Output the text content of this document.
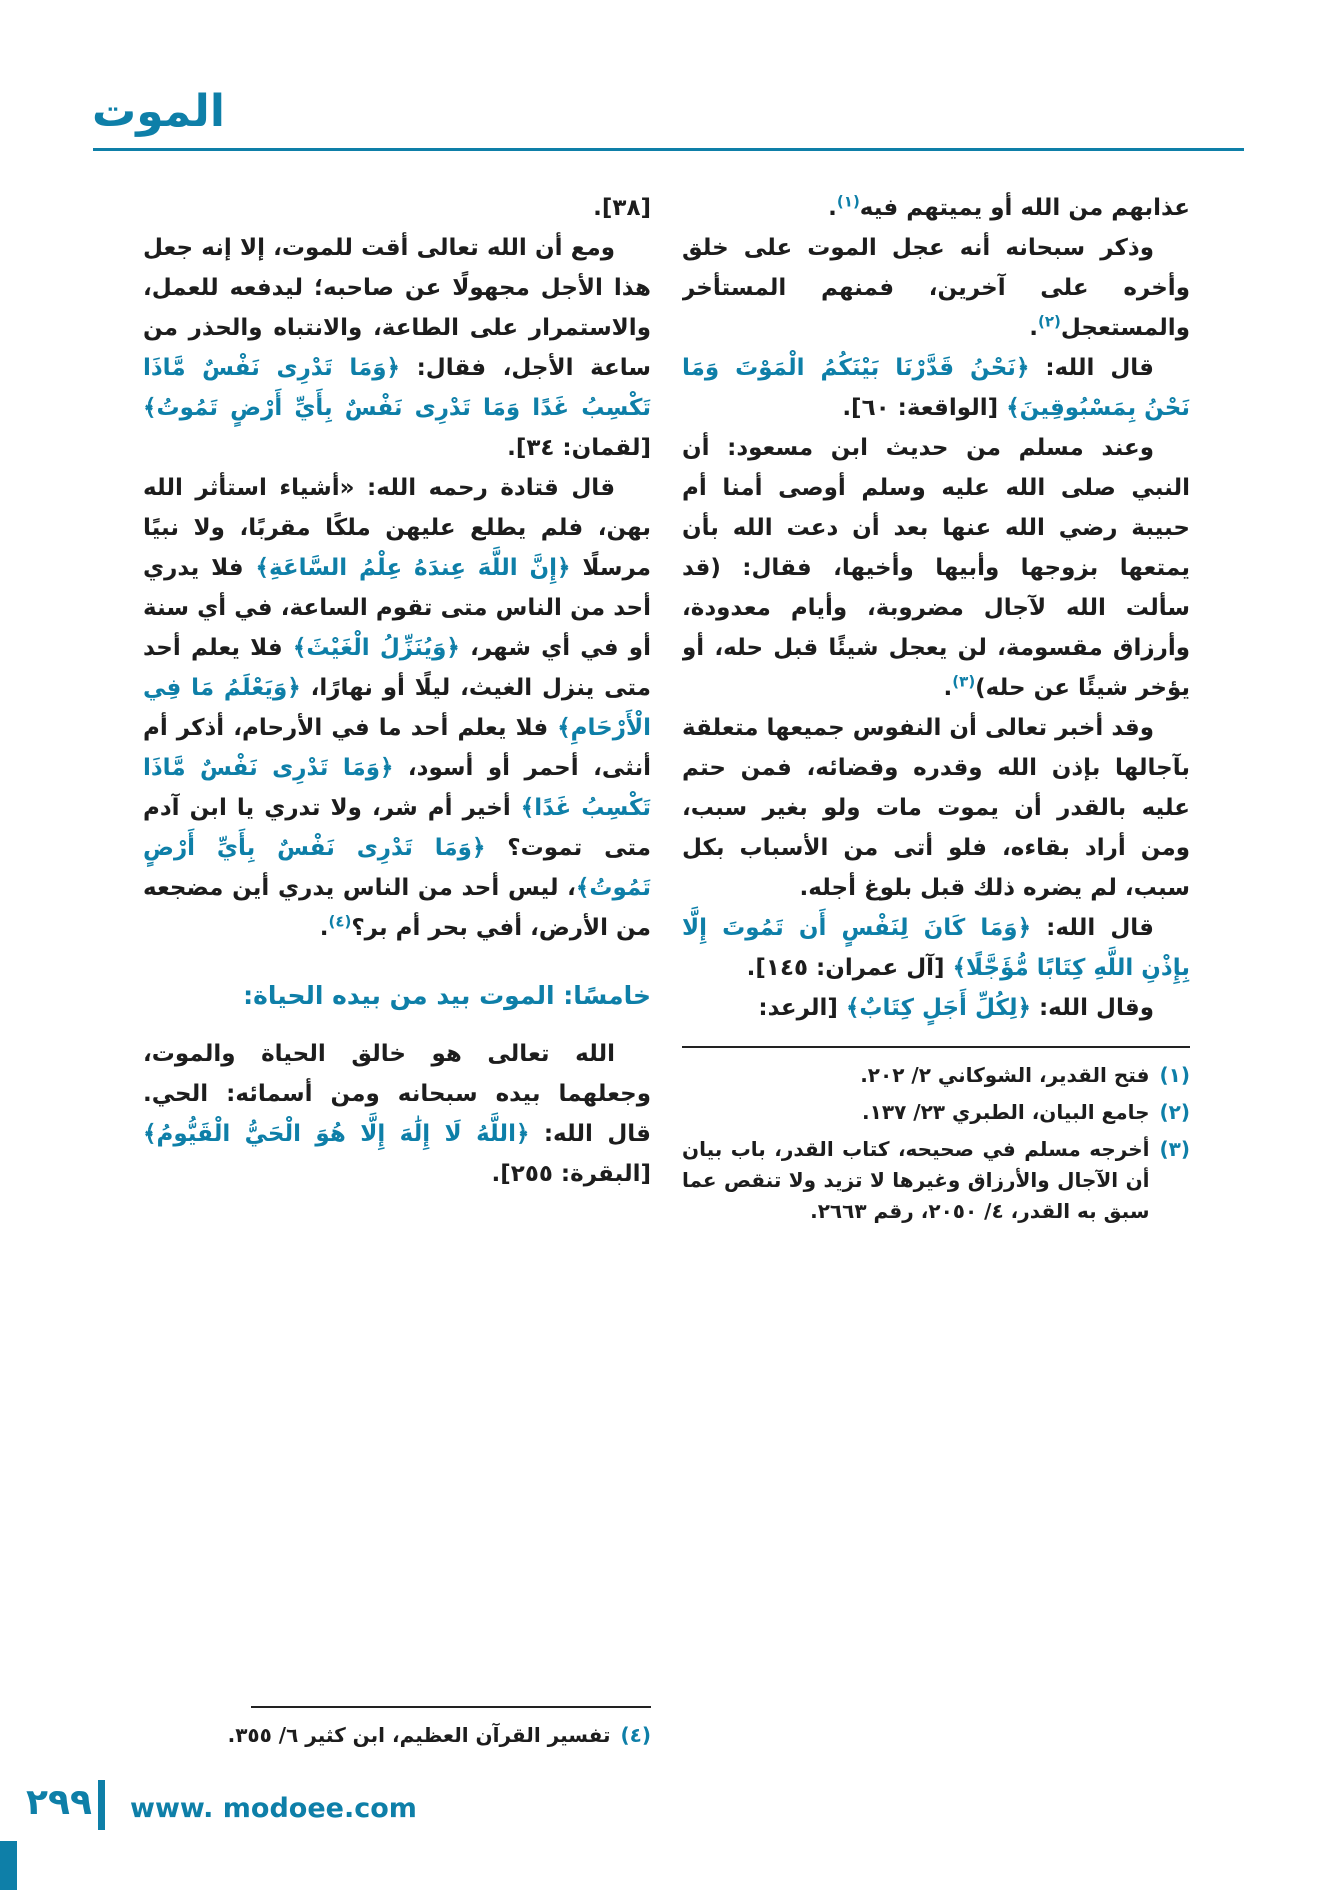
الموت

عذابهم من الله أو يميتهم فيه$^{(١)}$.

وذكر سبحانه أنه عجل الموت على خلق وأخره على آخرين، فمنهم المستأخر والمستعجل$^{(٢)}$.

قال الله: ﴿نَحْنُ قَدَّرْنَا بَيْنَكُمُ الْمَوْتَ وَمَا نَحْنُ بِمَسْبُوقِينَ﴾ [الواقعة: ٦٠].

وعند مسلم من حديث ابن مسعود: أن النبي صلى الله عليه وسلم أوصى أمنا أم حبيبة رضي الله عنها بعد أن دعت الله بأن يمتعها بزوجها وأبيها وأخيها، فقال: (قد سألت الله لآجال مضروبة، وأيام معدودة، وأرزاق مقسومة، لن يعجل شيئًا قبل حله، أو يؤخر شيئًا عن حله)$^{(٣)}$.

وقد أخبر تعالى أن النفوس جميعها متعلقة بآجالها بإذن الله وقدره وقضائه، فمن حتم عليه بالقدر أن يموت مات ولو بغير سبب، ومن أراد بقاءه، فلو أتى من الأسباب بكل سبب، لم يضره ذلك قبل بلوغ أجله.

قال الله: ﴿وَمَا كَانَ لِنَفْسٍ أَن تَمُوتَ إِلَّا بِإِذْنِ اللَّهِ كِتَابًا مُّؤَجَّلًا﴾ [آل عمران: ١٤٥].

وقال الله: ﴿لِكُلِّ أَجَلٍ كِتَابٌ﴾ [الرعد:

(١)
فتح القدير، الشوكاني ٢/ ٢٠٢.
(٢)
جامع البيان، الطبري ٢٣/ ١٣٧.
(٣)
أخرجه مسلم في صحيحه، كتاب القدر، باب بيان أن الآجال والأرزاق وغيرها لا تزيد ولا تنقص عما سبق به القدر، ٤/ ٢٠٥٠، رقم ٢٦٦٣.

[٣٨].

ومع أن الله تعالى أقت للموت، إلا إنه جعل هذا الأجل مجهولًا عن صاحبه؛ ليدفعه للعمل، والاستمرار على الطاعة، والانتباه والحذر من ساعة الأجل، فقال: ﴿وَمَا تَدْرِى نَفْسٌ مَّاذَا تَكْسِبُ غَدًا وَمَا تَدْرِى نَفْسٌ بِأَيِّ أَرْضٍ تَمُوتُ﴾ [لقمان: ٣٤].

قال قتادة رحمه الله: «أشياء استأثر الله بهن، فلم يطلع عليهن ملكًا مقربًا، ولا نبيًا مرسلًا ﴿إِنَّ اللَّهَ عِندَهُ عِلْمُ السَّاعَةِ﴾ فلا يدري أحد من الناس متى تقوم الساعة، في أي سنة أو في أي شهر، ﴿وَيُنَزِّلُ الْغَيْثَ﴾ فلا يعلم أحد متى ينزل الغيث، ليلًا أو نهارًا، ﴿وَيَعْلَمُ مَا فِي الْأَرْحَامِ﴾ فلا يعلم أحد ما في الأرحام، أذكر أم أنثى، أحمر أو أسود، ﴿وَمَا تَدْرِى نَفْسٌ مَّاذَا تَكْسِبُ غَدًا﴾ أخير أم شر، ولا تدري يا ابن آدم متى تموت؟ ﴿وَمَا تَدْرِى نَفْسٌ بِأَيِّ أَرْضٍ تَمُوتُ﴾، ليس أحد من الناس يدري أين مضجعه من الأرض، أفي بحر أم بر؟$^{(٤)}$.

خامسًا: الموت بيد من بيده الحياة:

الله تعالى هو خالق الحياة والموت، وجعلهما بيده سبحانه ومن أسمائه: الحي. قال الله: ﴿اللَّهُ لَا إِلَٰهَ إِلَّا هُوَ الْحَيُّ الْقَيُّومُ﴾ [البقرة: ٢٥٥].

(٤)
تفسير القرآن العظيم، ابن كثير ٦/ ٣٥٥.
٢٩٩ www. modoee.com
